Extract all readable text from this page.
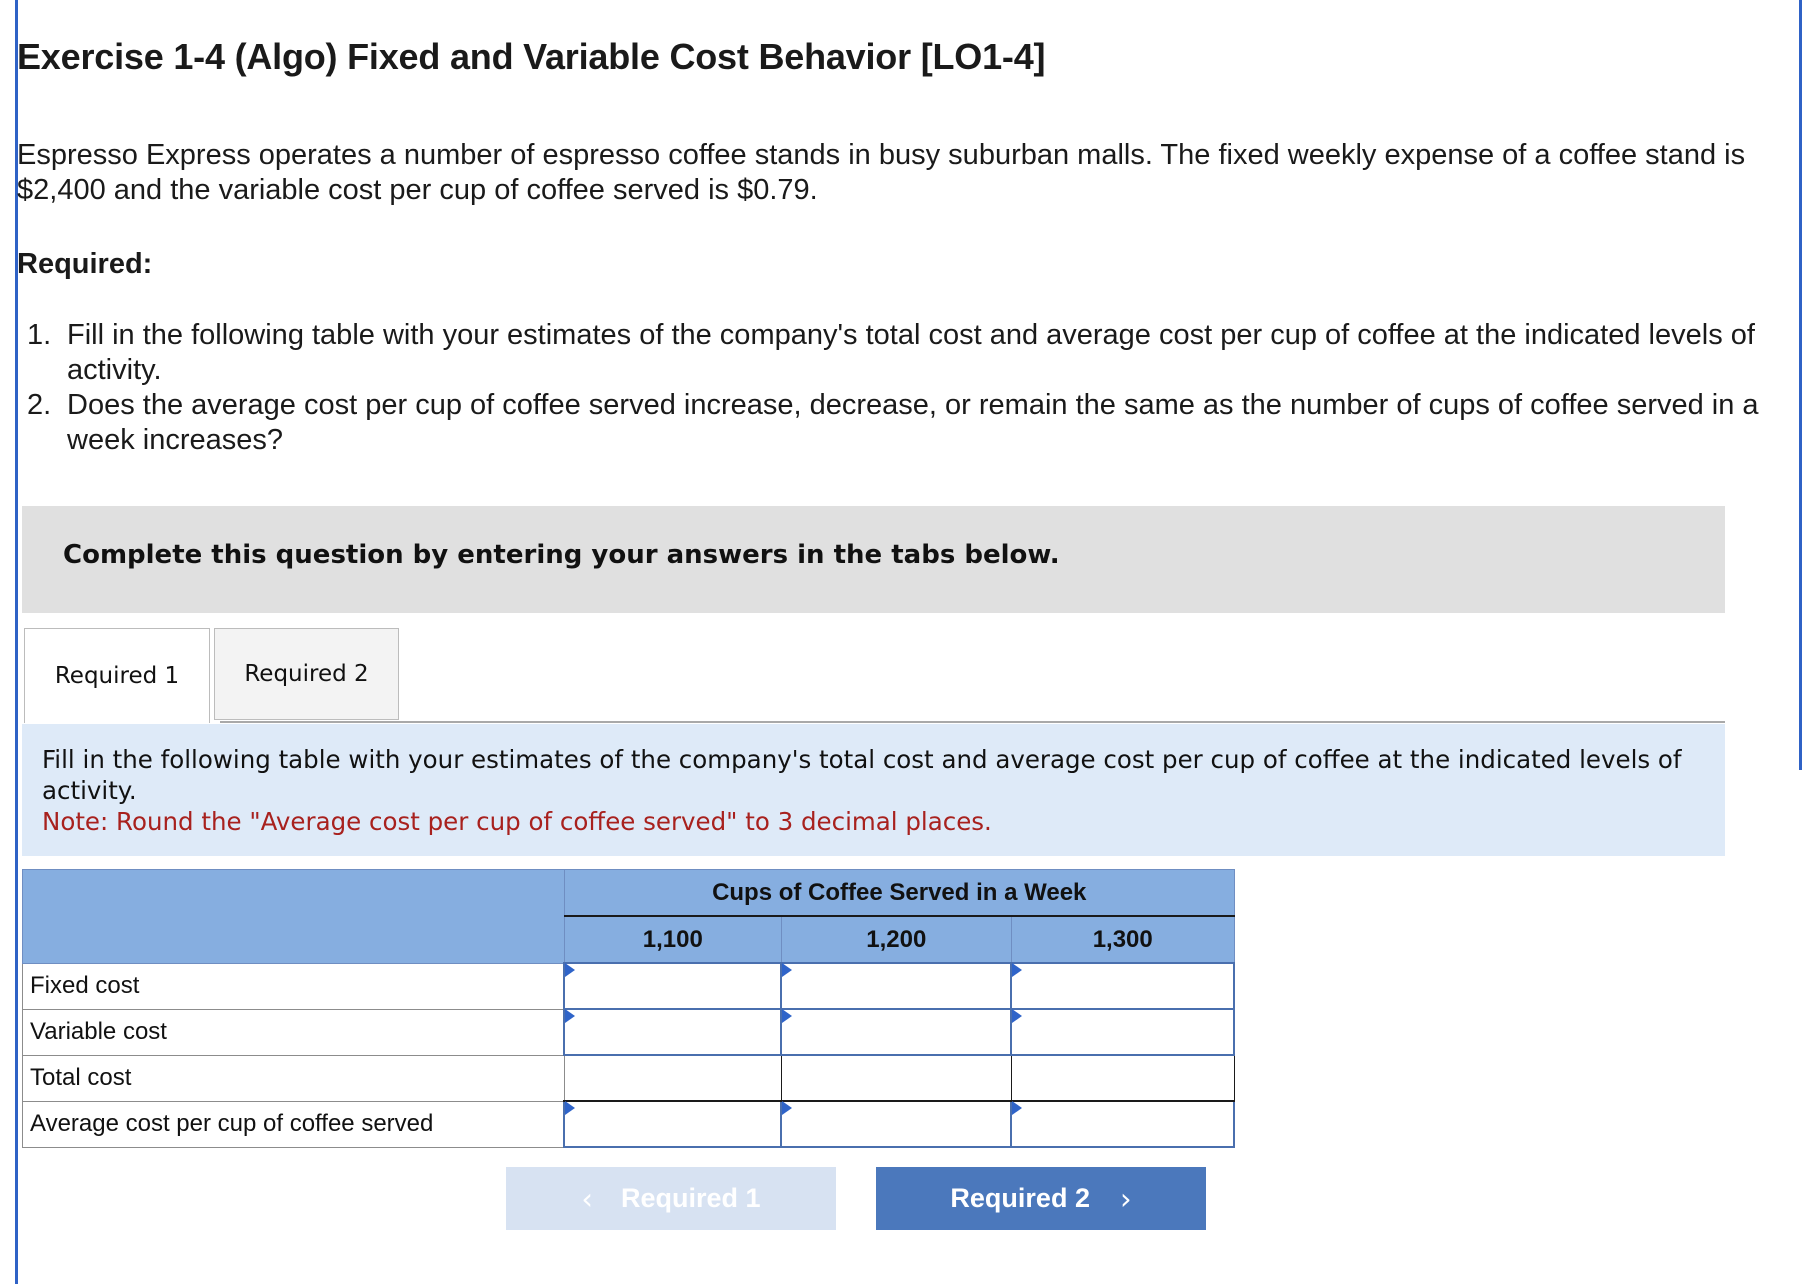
Exercise 1-4 (Algo) Fixed and Variable Cost Behavior [LO1-4]

Espresso Express operates a number of espresso coffee stands in busy suburban malls. The fixed weekly expense of a coffee stand is $2,400 and the variable cost per cup of coffee served is $0.79.

Required:

1. Fill in the following table with your estimates of the company's total cost and average cost per cup of coffee at the indicated levels of activity.
2. Does the average cost per cup of coffee served increase, decrease, or remain the same as the number of cups of coffee served in a week increases?
Complete this question by entering your answers in the tabs below.
Required 1	Required 2
Fill in the following table with your estimates of the company's total cost and average cost per cup of coffee at the indicated levels of activity.
Note: Round the "Average cost per cup of coffee served" to 3 decimal places.
	Cups of Coffee Served in a Week		
	1,100	1,200	1,300
Fixed cost			
Variable cost			
Total cost			
Average cost per cup of coffee served			
‹ Required 1	Required 2 ›
